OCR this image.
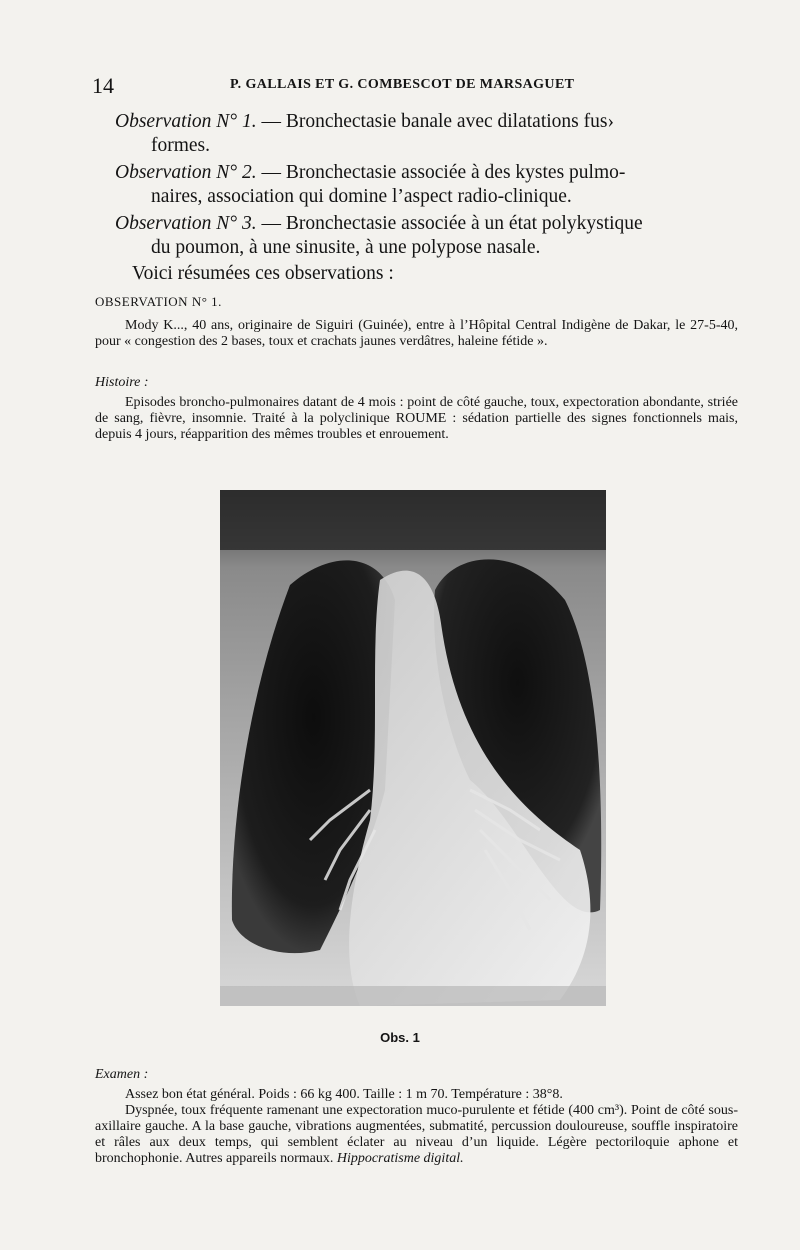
14	P. GALLAIS ET G. COMBESCOT DE MARSAGUET
Observation N° 1. — Bronchectasie banale avec dilatations fus›
formes.
Observation N° 2. — Bronchectasie associée à des kystes pulmo-
naires, association qui domine l’aspect radio-clinique.
Observation N° 3. — Bronchectasie associée à un état polykystique
du poumon, à une sinusite, à une polypose nasale.
Voici résumées ces observations :
OBSERVATION N° 1.
Mody K..., 40 ans, originaire de Siguiri (Guinée), entre à l’Hôpital Central Indigène de Dakar, le 27-5-40, pour « congestion des 2 bases, toux et crachats jaunes verdâtres, haleine fétide ».
Histoire :
Episodes broncho-pulmonaires datant de 4 mois : point de côté gauche, toux, expectoration abondante, striée de sang, fièvre, insomnie. Traité à la polyclinique ROUME : sédation partielle des signes fonctionnels mais, depuis 4 jours, réapparition des mêmes troubles et enrouement.
Obs. 1
Examen :
Assez bon état général. Poids : 66 kg 400. Taille : 1 m 70. Température : 38°8.
Dyspnée, toux fréquente ramenant une expectoration muco-purulente et fétide (400 cm³). Point de côté sous-axillaire gauche. A la base gauche, vibrations augmentées, submatité, percussion douloureuse, souffle inspiratoire et râles aux deux temps, qui semblent éclater au niveau d’un liquide. Légère pectoriloquie aphone et bronchophonie. Autres appareils normaux. Hippocratisme digital.
